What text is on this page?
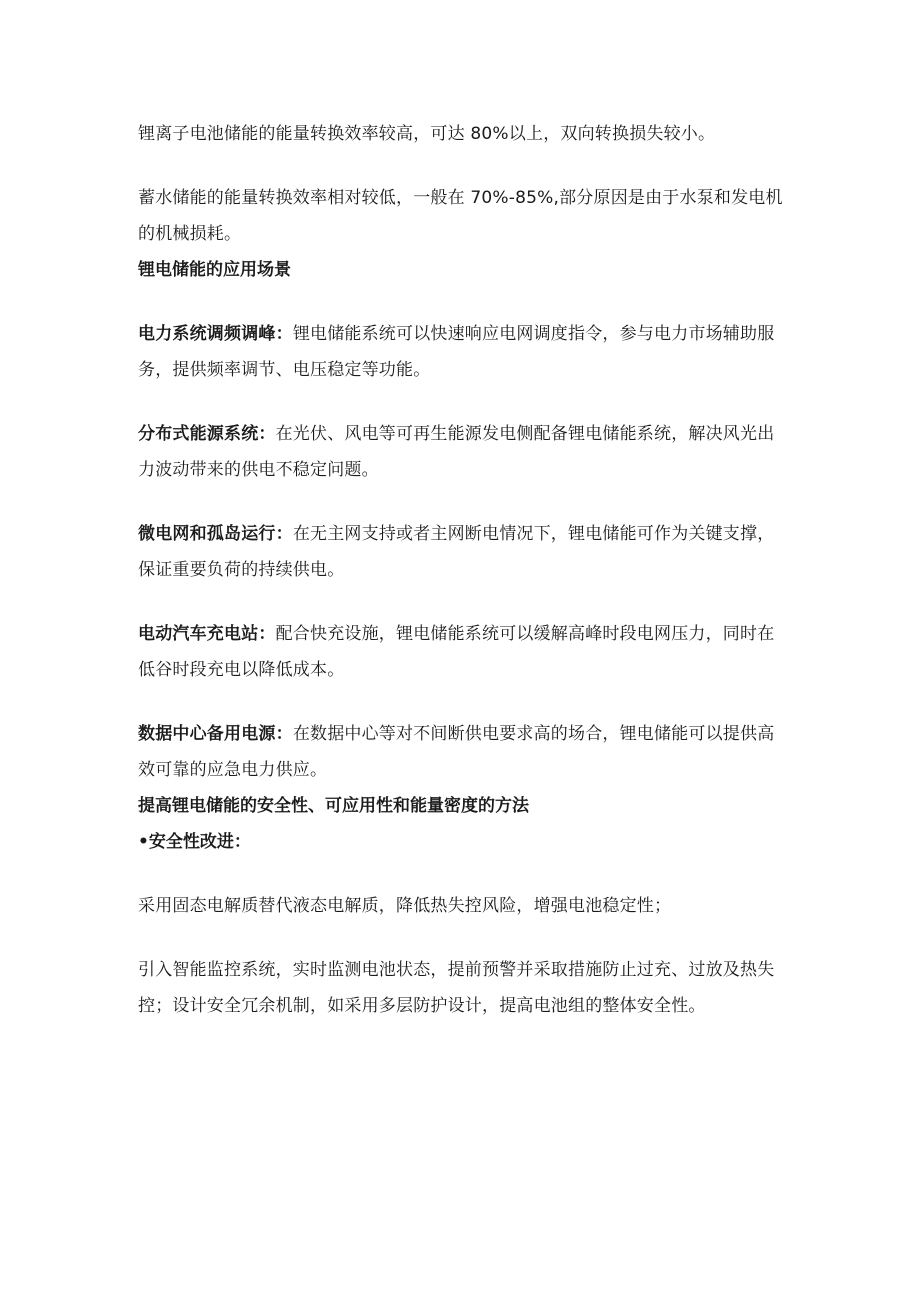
锂离子电池储能的能量转换效率较高，可达 80%以上，双向转换损失较小。

蓄水储能的能量转换效率相对较低，一般在 70%-85%,部分原因是由于水泵和发电机的机械损耗。

锂电储能的应用场景

电力系统调频调峰：锂电储能系统可以快速响应电网调度指令，参与电力市场辅助服务，提供频率调节、电压稳定等功能。

分布式能源系统：在光伏、风电等可再生能源发电侧配备锂电储能系统，解决风光出力波动带来的供电不稳定问题。

微电网和孤岛运行：在无主网支持或者主网断电情况下，锂电储能可作为关键支撑，保证重要负荷的持续供电。

电动汽车充电站：配合快充设施，锂电储能系统可以缓解高峰时段电网压力，同时在低谷时段充电以降低成本。

数据中心备用电源：在数据中心等对不间断供电要求高的场合，锂电储能可以提供高效可靠的应急电力供应。

提高锂电储能的安全性、可应用性和能量密度的方法

•安全性改进：

采用固态电解质替代液态电解质，降低热失控风险，增强电池稳定性；

引入智能监控系统，实时监测电池状态，提前预警并采取措施防止过充、过放及热失控；设计安全冗余机制，如采用多层防护设计，提高电池组的整体安全性。
